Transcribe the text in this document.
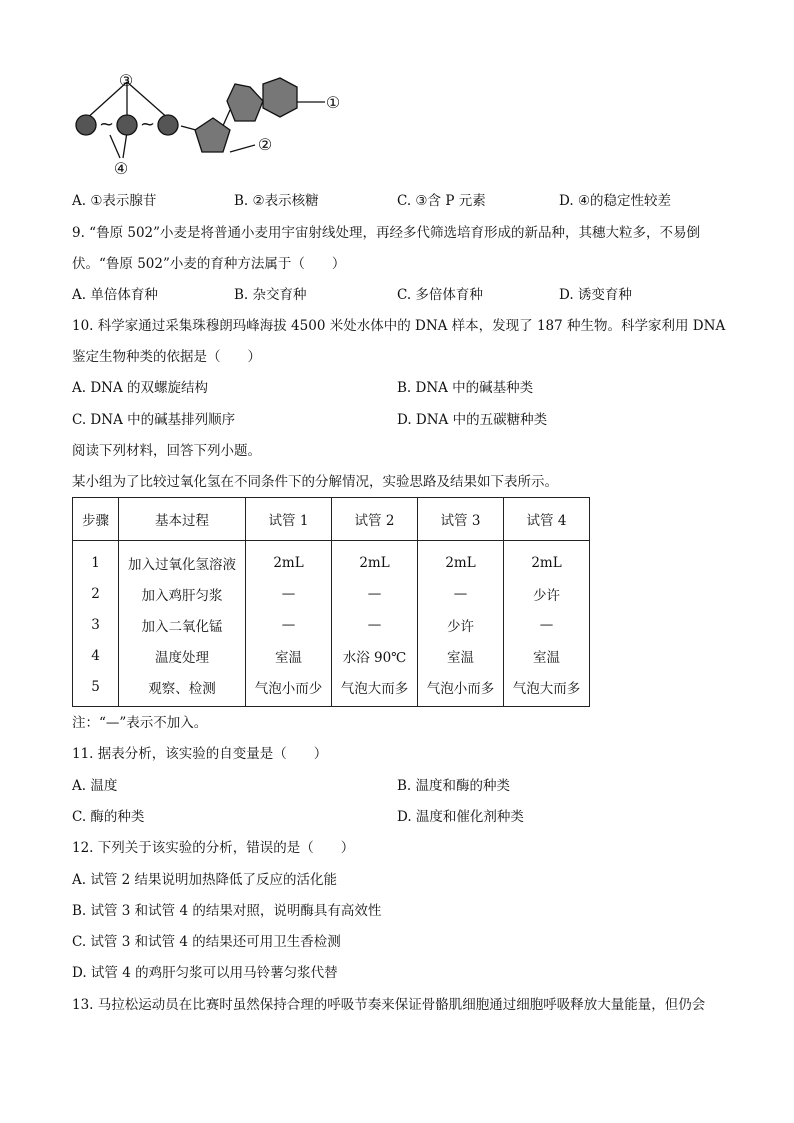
~ ~
③
④
②
①
A. ①表示腺苷	B. ②表示核糖	C. ③含 P 元素	D. ④的稳定性较差
9. “鲁原 502”小麦是将普通小麦用宇宙射线处理，再经多代筛选培育形成的新品种，其穗大粒多，不易倒
伏。“鲁原 502”小麦的育种方法属于（　　）
A. 单倍体育种	B. 杂交育种	C. 多倍体育种	D. 诱变育种
10. 科学家通过采集珠穆朗玛峰海拔 4500 米处水体中的 DNA 样本，发现了 187 种生物。科学家利用 DNA
鉴定生物种类的依据是（　　）
A. DNA 的双螺旋结构	B. DNA 中的碱基种类
C. DNA 中的碱基排列顺序	D. DNA 中的五碳糖种类
阅读下列材料，回答下列小题。
某小组为了比较过氧化氢在不同条件下的分解情况，实验思路及结果如下表所示。
步骤	基本过程	试管 1	试管 2	试管 3	试管 4
1	加入过氧化氢溶液	2mL	2mL	2mL	2mL
2	加入鸡肝匀浆	—	—	—	少许
3	加入二氧化锰	—	—	少许	—
4	温度处理	室温	水浴 90℃	室温	室温
5	观察、检测	气泡小而少	气泡大而多	气泡小而多	气泡大而多
注：“—”表示不加入。
11. 据表分析，该实验的自变量是（　　）
A. 温度	B. 温度和酶的种类
C. 酶的种类	D. 温度和催化剂种类
12. 下列关于该实验的分析，错误的是（　　）
A. 试管 2 结果说明加热降低了反应的活化能
B. 试管 3 和试管 4 的结果对照，说明酶具有高效性
C. 试管 3 和试管 4 的结果还可用卫生香检测
D. 试管 4 的鸡肝匀浆可以用马铃薯匀浆代替
13. 马拉松运动员在比赛时虽然保持合理的呼吸节奏来保证骨骼肌细胞通过细胞呼吸释放大量能量，但仍会
